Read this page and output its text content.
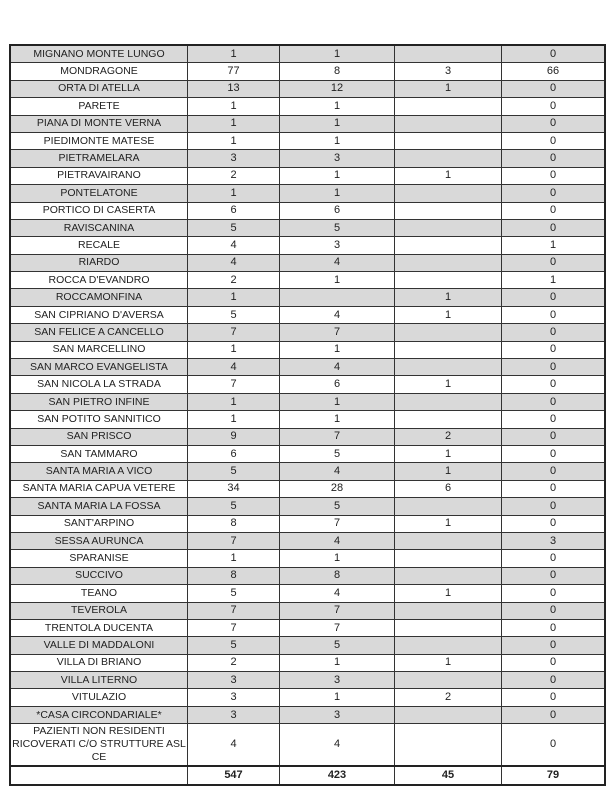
MIGNANO MONTE LUNGO	1	1		0
MONDRAGONE	77	8	3	66
ORTA DI ATELLA	13	12	1	0
PARETE	1	1		0
PIANA DI MONTE VERNA	1	1		0
PIEDIMONTE MATESE	1	1		0
PIETRAMELARA	3	3		0
PIETRAVAIRANO	2	1	1	0
PONTELATONE	1	1		0
PORTICO DI CASERTA	6	6		0
RAVISCANINA	5	5		0
RECALE	4	3		1
RIARDO	4	4		0
ROCCA D'EVANDRO	2	1		1
ROCCAMONFINA	1		1	0
SAN CIPRIANO D'AVERSA	5	4	1	0
SAN FELICE A CANCELLO	7	7		0
SAN MARCELLINO	1	1		0
SAN MARCO EVANGELISTA	4	4		0
SAN NICOLA LA STRADA	7	6	1	0
SAN PIETRO INFINE	1	1		0
SAN POTITO SANNITICO	1	1		0
SAN PRISCO	9	7	2	0
SAN TAMMARO	6	5	1	0
SANTA MARIA A VICO	5	4	1	0
SANTA MARIA CAPUA VETERE	34	28	6	0
SANTA MARIA LA FOSSA	5	5		0
SANT'ARPINO	8	7	1	0
SESSA AURUNCA	7	4		3
SPARANISE	1	1		0
SUCCIVO	8	8		0
TEANO	5	4	1	0
TEVEROLA	7	7		0
TRENTOLA DUCENTA	7	7		0
VALLE DI MADDALONI	5	5		0
VILLA DI BRIANO	2	1	1	0
VILLA LITERNO	3	3		0
VITULAZIO	3	1	2	0
*CASA CIRCONDARIALE*	3	3		0
PAZIENTI NON RESIDENTI RICOVERATI C/O STRUTTURE ASL CE	4	4		0
	547	423	45	79
